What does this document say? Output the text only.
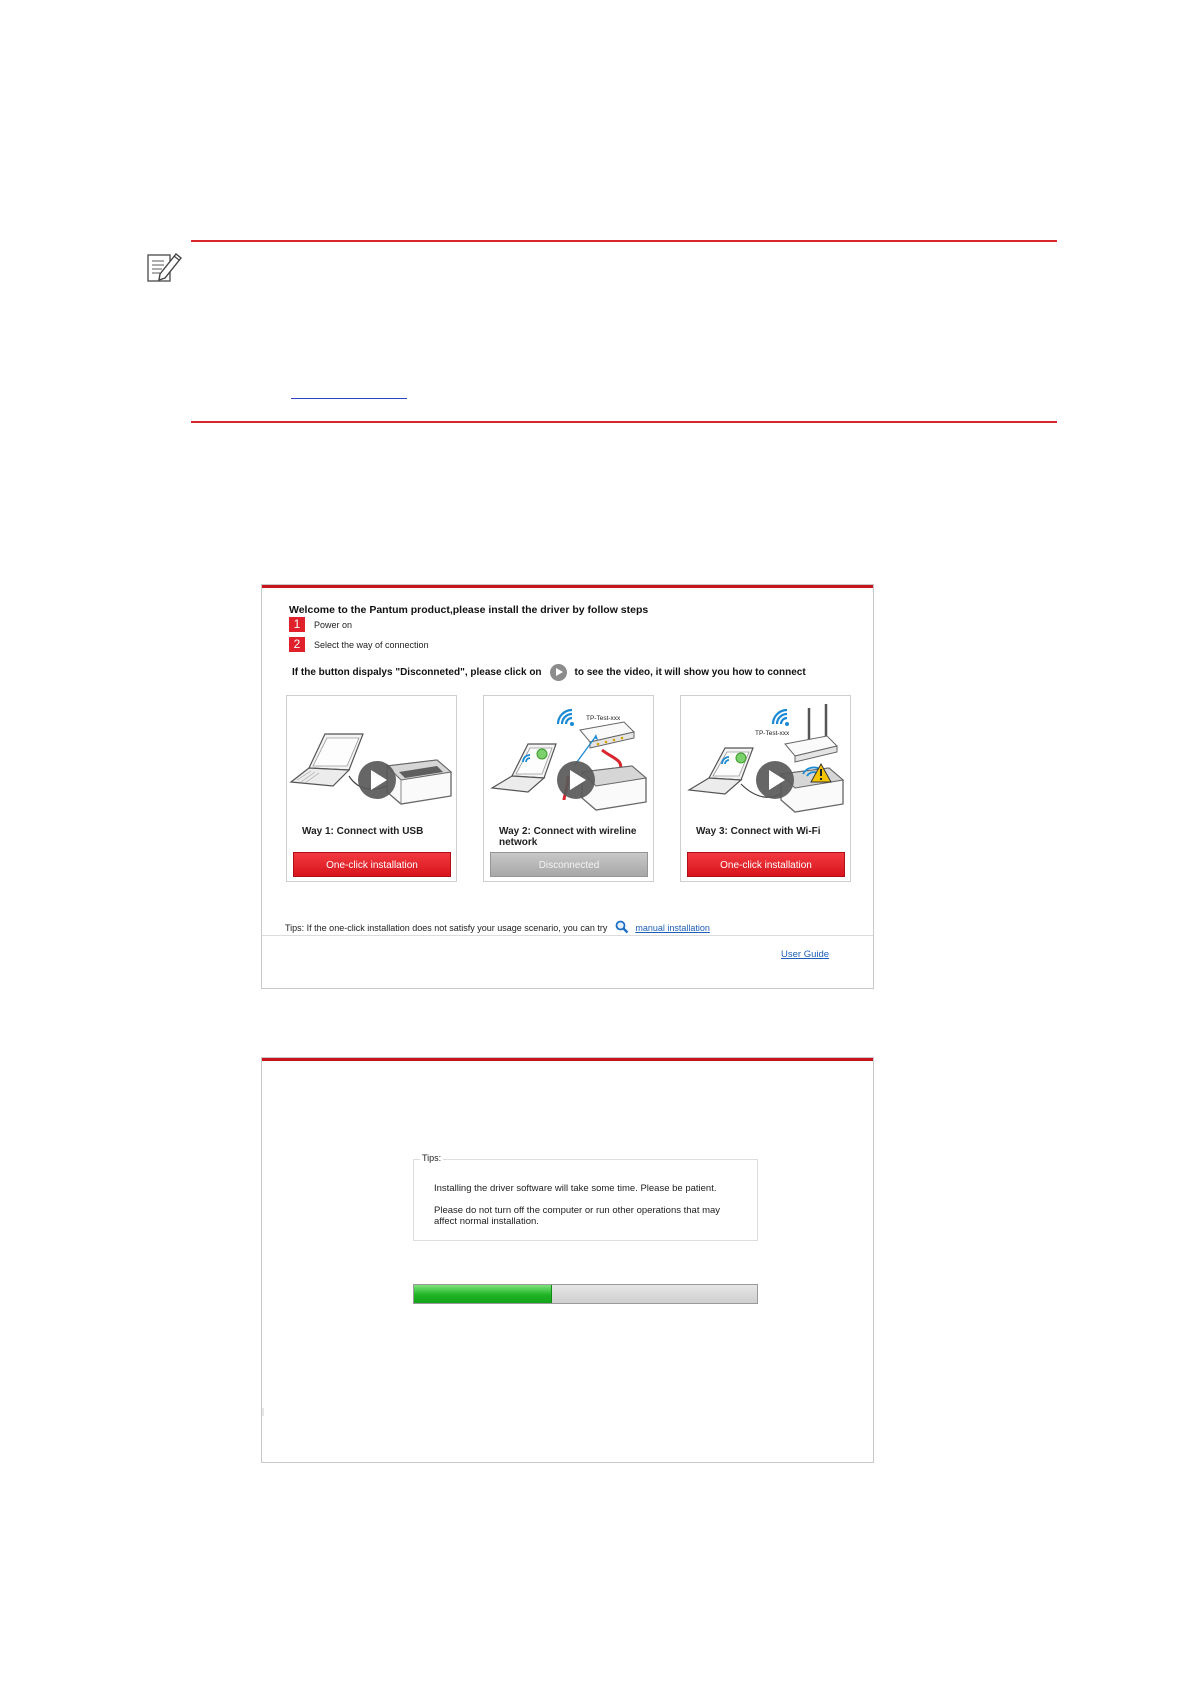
Welcome to the Pantum product,please install the driver by follow steps
1	Power on
2	Select the way of connection
If the button dispalys "Disconneted", please click on	to see the video, it will show you how to connect
Way 1: Connect with USB
One-click installation
TP-Test-xxx
Way 2: Connect with wireline network
Disconnected
TP-Test-xxx
Way 3: Connect with Wi-Fi
One-click installation
Tips: If the one-click installation does not satisfy your usage scenario, you can try	manual installation
User Guide
Tips:
Installing the driver software will take some time. Please be patient.
Please do not turn off the computer or run other operations that may affect normal installation.
